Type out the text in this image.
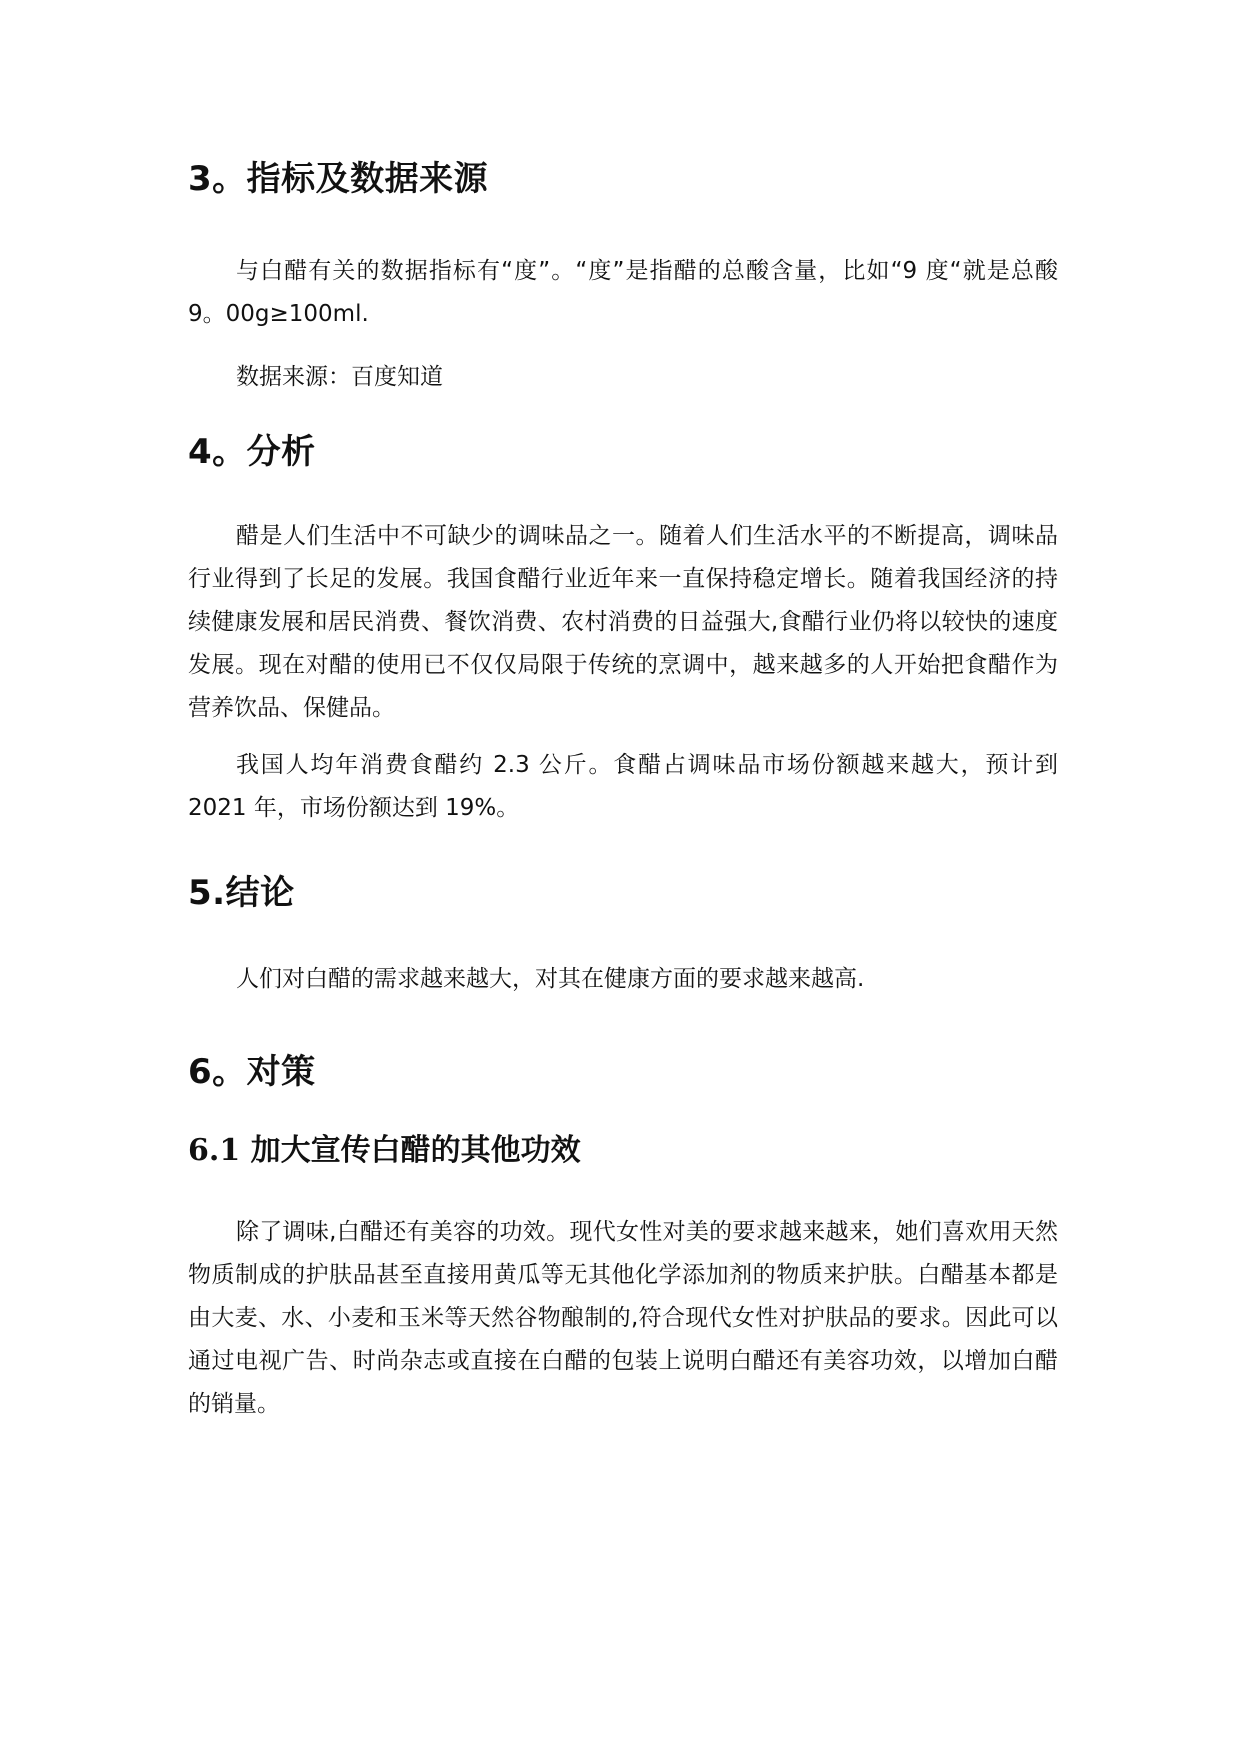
3。指标及数据来源

与白醋有关的数据指标有“度”。“度”是指醋的总酸含量，比如“9 度“就是总酸 9。00g≥100ml.

数据来源：百度知道

4。分析

醋是人们生活中不可缺少的调味品之一。随着人们生活水平的不断提高，调味品行业得到了长足的发展。我国食醋行业近年来一直保持稳定增长。随着我国经济的持续健康发展和居民消费、餐饮消费、农村消费的日益强大,食醋行业仍将以较快的速度发展。现在对醋的使用已不仅仅局限于传统的烹调中，越来越多的人开始把食醋作为营养饮品、保健品。

我国人均年消费食醋约 2.3 公斤。食醋占调味品市场份额越来越大，预计到 2021 年，市场份额达到 19%。

5.结论

人们对白醋的需求越来越大，对其在健康方面的要求越来越高.

6。对策
6.1 加大宣传白醋的其他功效

除了调味,白醋还有美容的功效。现代女性对美的要求越来越来，她们喜欢用天然物质制成的护肤品甚至直接用黄瓜等无其他化学添加剂的物质来护肤。白醋基本都是由大麦、水、小麦和玉米等天然谷物酿制的,符合现代女性对护肤品的要求。因此可以通过电视广告、时尚杂志或直接在白醋的包装上说明白醋还有美容功效，以增加白醋的销量。
